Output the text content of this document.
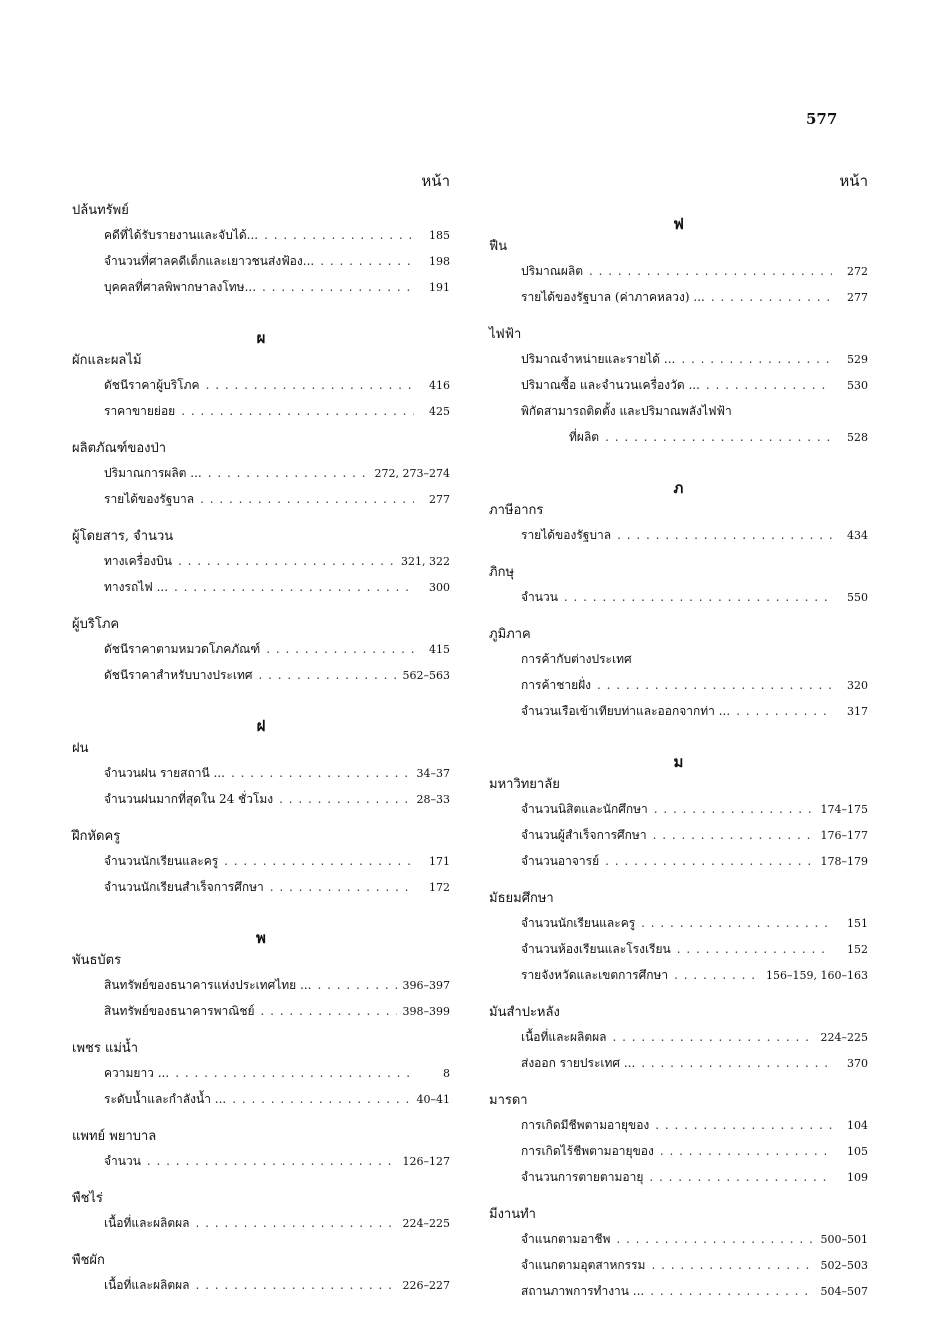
577
หน้า
ปล้นทรัพย์
คดีที่ได้รับรายงานและจับได้... . . .	185
จำนวนที่ศาลคดีเด็กและเยาวชนส่งฟ้อง... . . .	198
บุคคลที่ศาลพิพากษาลงโทษ... . . .	191
ผ
ผักและผลไม้
ดัชนีราคาผู้บริโภค . . .	416
ราคาขายย่อย . . .	425
ผลิตภัณฑ์ของป่า
ปริมาณการผลิต ... . . .	272, 273–274
รายได้ของรัฐบาล . . .	277
ผู้โดยสาร, จำนวน
ทางเครื่องบิน . . .	321, 322
ทางรถไฟ ... . . .	300
ผู้บริโภค
ดัชนีราคาตามหมวดโภคภัณฑ์ . . .	415
ดัชนีราคาสำหรับบางประเทศ . . .	562–563
ฝ
ฝน
จำนวนฝน รายสถานี ... . . .	34–37
จำนวนฝนมากที่สุดใน 24 ชั่วโมง . . .	28–33
ฝึกหัดครู
จำนวนนักเรียนและครู . . .	171
จำนวนนักเรียนสำเร็จการศึกษา . . .	172
พ
พันธบัตร
สินทรัพย์ของธนาคารแห่งประเทศไทย ... . . .	396–397
สินทรัพย์ของธนาคารพาณิชย์ . . .	398–399
เพชร แม่น้ำ
ความยาว ... . . .	8
ระดับน้ำและกำลังน้ำ ... . . .	40–41
แพทย์ พยาบาล
จำนวน . . .	126–127
พืชไร่
เนื้อที่และผลิตผล . . .	224–225
พืชผัก
เนื้อที่และผลิตผล . . .	226–227
หน้า
ฟ
ฟืน
ปริมาณผลิต . . .	272
รายได้ของรัฐบาล (ค่าภาคหลวง) ... . . .	277
ไฟฟ้า
ปริมาณจำหน่ายและรายได้ ... . . .	529
ปริมาณซื้อ และจำนวนเครื่องวัด ... . . .	530
พิกัดสามารถติดตั้ง และปริมาณพลังไฟฟ้า
ที่ผลิต . . .	528
ภ
ภาษีอากร
รายได้ของรัฐบาล . . .	434
ภิกษุ
จำนวน . . .	550
ภูมิภาค
การค้ากับต่างประเทศ
การค้าชายฝั่ง . . .	320
จำนวนเรือเข้าเทียบท่าและออกจากท่า ... . . .	317
ม
มหาวิทยาลัย
จำนวนนิสิตและนักศึกษา . . .	174–175
จำนวนผู้สำเร็จการศึกษา . . .	176–177
จำนวนอาจารย์ . . .	178–179
มัธยมศึกษา
จำนวนนักเรียนและครู . . .	151
จำนวนห้องเรียนและโรงเรียน . . .	152
รายจังหวัดและเขตการศึกษา . . .	156–159, 160–163
มันสำปะหลัง
เนื้อที่และผลิตผล . . .	224–225
ส่งออก รายประเทศ ... . . .	370
มารดา
การเกิดมีชีพตามอายุของ . . .	104
การเกิดไร้ชีพตามอายุของ . . .	105
จำนวนการตายตามอายุ . . .	109
มีงานทำ
จำแนกตามอาชีพ . . .	500–501
จำแนกตามอุตสาหกรรม . . .	502–503
สถานภาพการทำงาน ... . . .	504–507
